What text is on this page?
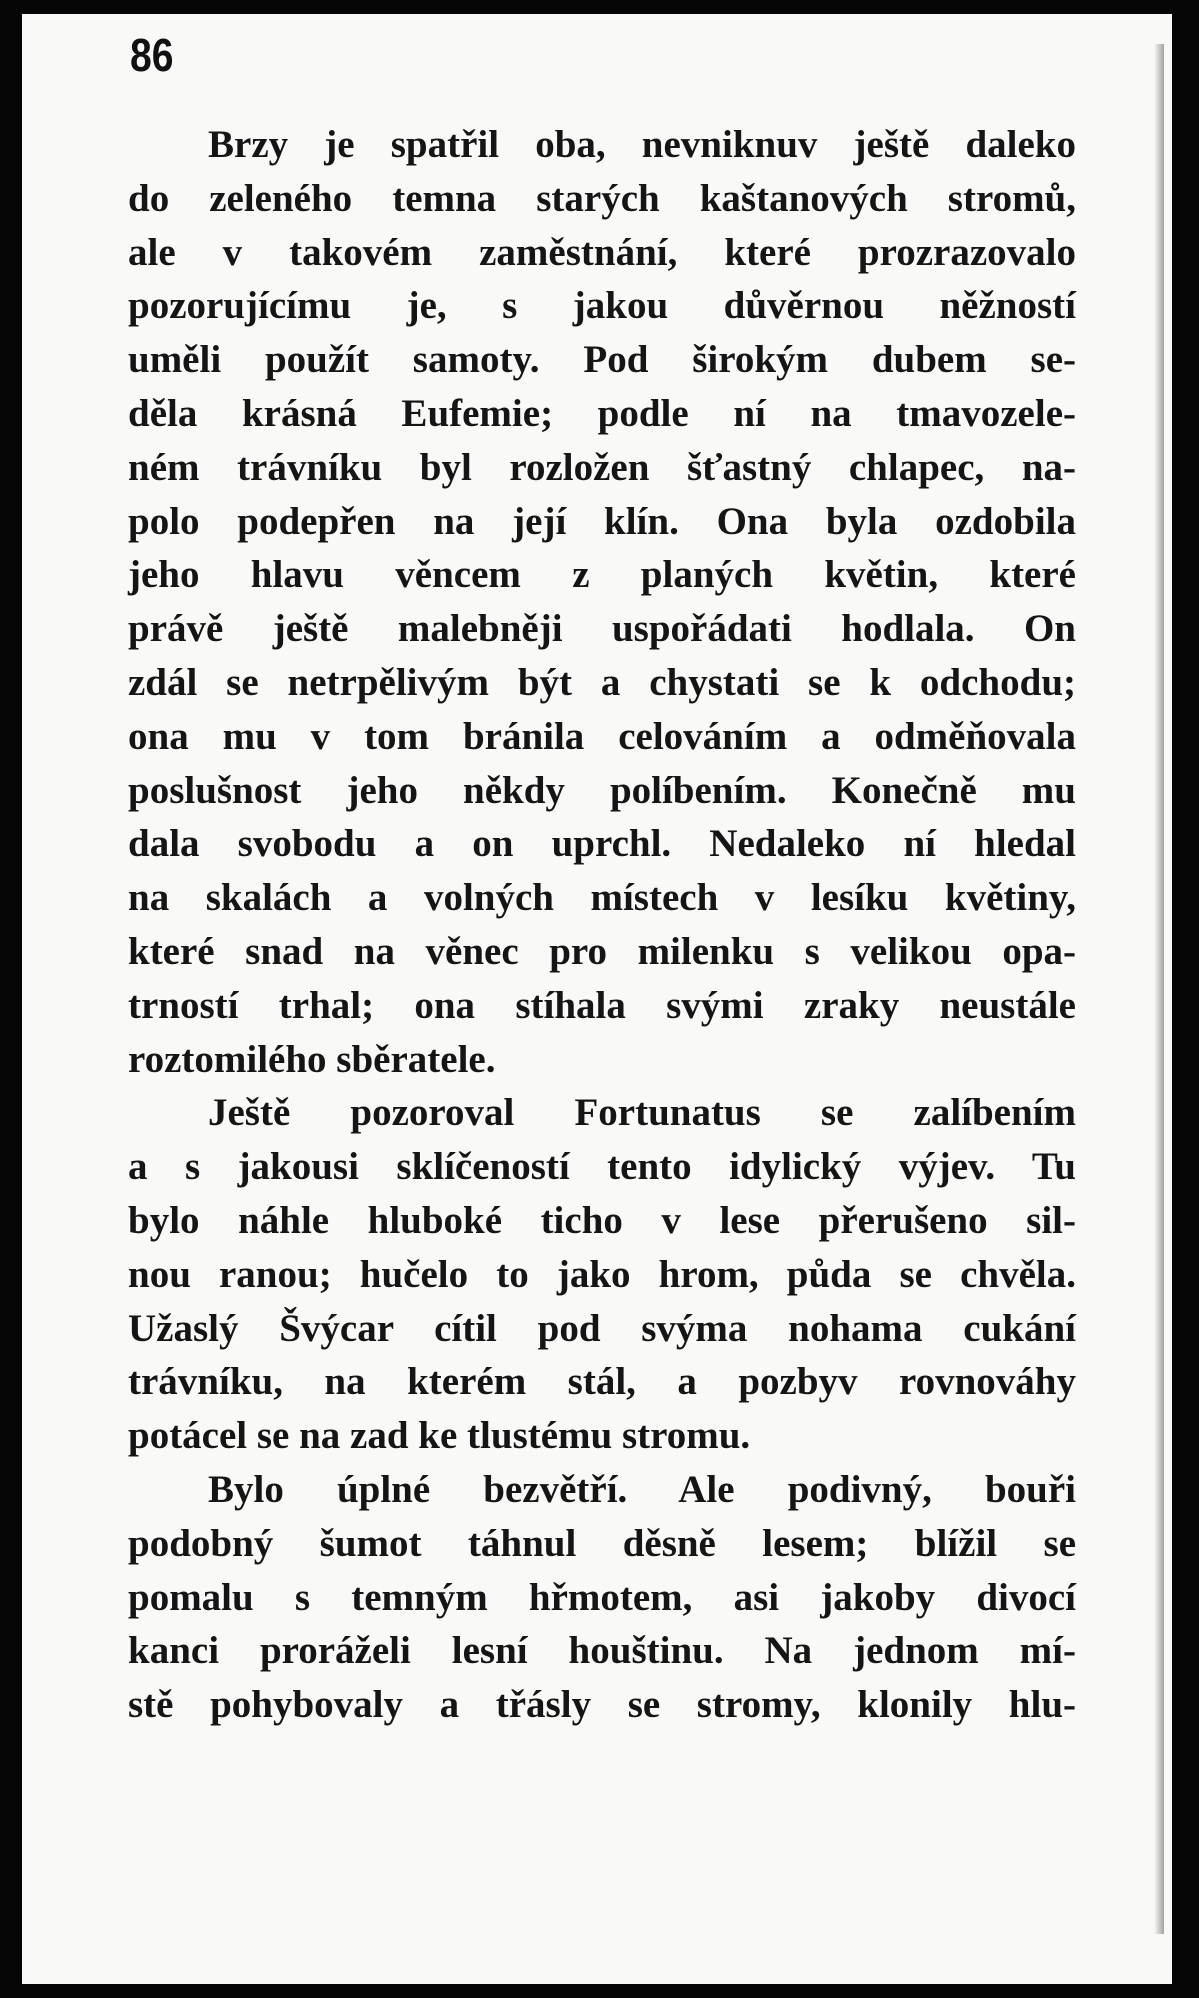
86
Brzy je spatřil oba, nevniknuv ještě daleko
do zeleného temna starých kaštanových stromů,
ale v takovém zaměstnání, které prozrazovalo
pozorujícímu je, s jakou důvěrnou něžností
uměli použít samoty. Pod širokým dubem se-
děla krásná Eufemie; podle ní na tmavozele-
ném trávníku byl rozložen šťastný chlapec, na-
polo podepřen na její klín. Ona byla ozdobila
jeho hlavu věncem z planých květin, které
právě ještě malebněji uspořádati hodlala. On
zdál se netrpělivým být a chystati se k odchodu;
ona mu v tom bránila celováním a odměňovala
poslušnost jeho někdy políbením. Konečně mu
dala svobodu a on uprchl. Nedaleko ní hledal
na skalách a volných místech v lesíku květiny,
které snad na věnec pro milenku s velikou opa-
trností trhal; ona stíhala svými zraky neustále
roztomilého sběratele.
Ještě pozoroval Fortunatus se zalíbením
a s jakousi sklíčeností tento idylický výjev. Tu
bylo náhle hluboké ticho v lese přerušeno sil-
nou ranou; hučelo to jako hrom, půda se chvěla.
Užaslý Švýcar cítil pod svýma nohama cukání
trávníku, na kterém stál, a pozbyv rovnováhy
potácel se na zad ke tlustému stromu.
Bylo úplné bezvětří. Ale podivný, bouři
podobný šumot táhnul děsně lesem; blížil se
pomalu s temným hřmotem, asi jakoby divocí
kanci proráželi lesní houštinu. Na jednom mí-
stě pohybovaly a třásly se stromy, klonily hlu-
